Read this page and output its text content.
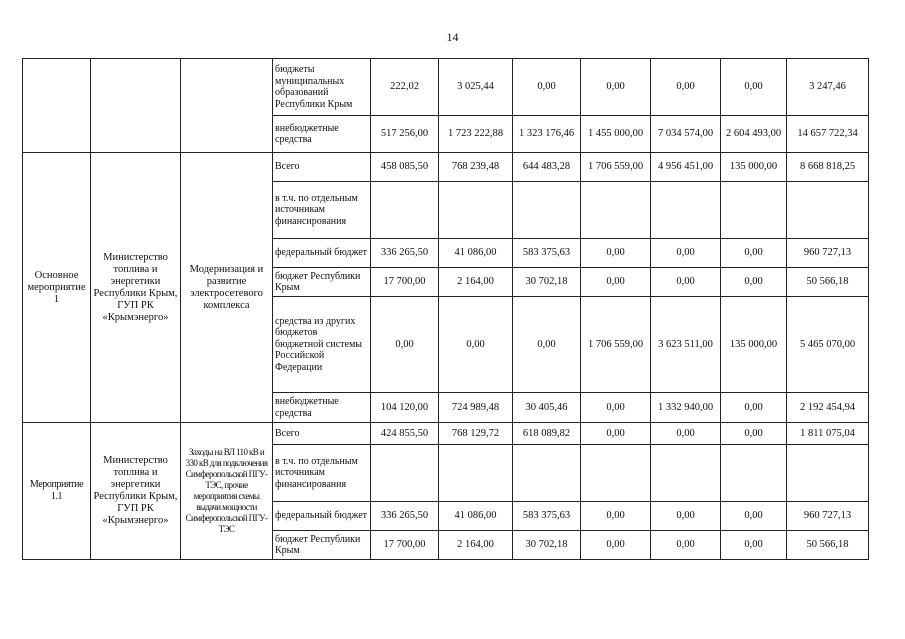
14
			бюджеты муниципальных образований Республики Крым	222,02	3 025,44	0,00	0,00	0,00	0,00	3 247,46
			внебюджетные средства	517 256,00	1 723 222,88	1 323 176,46	1 455 000,00	7 034 574,00	2 604 493,00	14 657 722,34
Основное мероприятие 1	Министерство топлива и энергетики Республики Крым, ГУП РК «Крымэнерго»	Модернизация и развитие электросетевого комплекса	Всего	458 085,50	768 239,48	644 483,28	1 706 559,00	4 956 451,00	135 000,00	8 668 818,25
			в т.ч. по отдельным источникам финансирования							
			федеральный бюджет	336 265,50	41 086,00	583 375,63	0,00	0,00	0,00	960 727,13
			бюджет Республики Крым	17 700,00	2 164,00	30 702,18	0,00	0,00	0,00	50 566,18
			средства из других бюджетов бюджетной системы Российской Федерации	0,00	0,00	0,00	1 706 559,00	3 623 511,00	135 000,00	5 465 070,00
			внебюджетные средства	104 120,00	724 989,48	30 405,46	0,00	1 332 940,00	0,00	2 192 454,94
Мероприятие 1.1	Министерство топлива и энергетики Республики Крым, ГУП РК «Крымэнерго»	Заходы на ВЛ 110 кВ и 330 кВ для подключения Симферопольской ПГУ-ТЭС, прочие мероприятия схемы выдачи мощности Симферопольской ПГУ-ТЭС	Всего	424 855,50	768 129,72	618 089,82	0,00	0,00	0,00	1 811 075,04
			в т.ч. по отдельным источникам финансирования							
			федеральный бюджет	336 265,50	41 086,00	583 375,63	0,00	0,00	0,00	960 727,13
			бюджет Республики Крым	17 700,00	2 164,00	30 702,18	0,00	0,00	0,00	50 566,18
